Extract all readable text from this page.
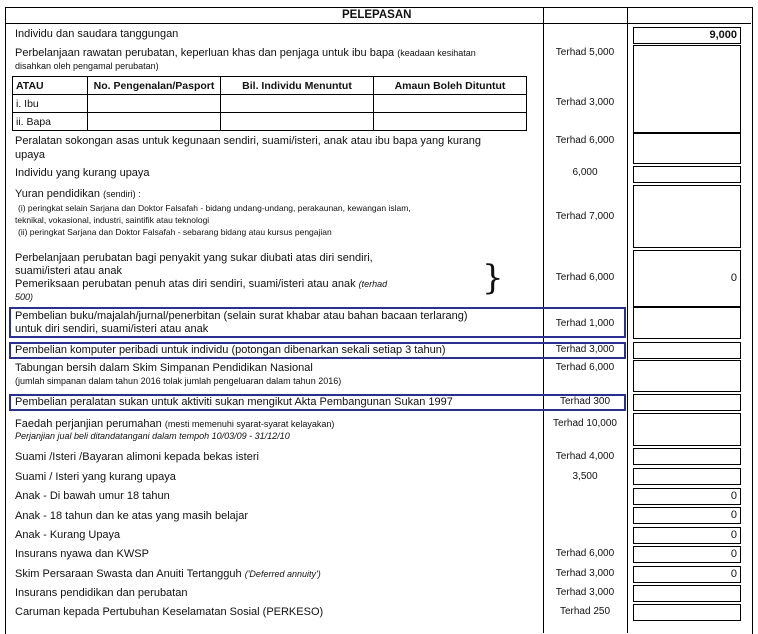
PELEPASAN
Individu dan saudara tanggungan	9,000
Perbelanjaan rawatan perubatan, keperluan khas dan penjaga untuk ibu bapa (keadaan kesihatan
disahkan oleh pengamal perubatan)
Terhad 5,000
ATAU	No. Pengenalan/Pasport	Bil. Individu Menuntut	Amaun Boleh Dituntut
i. Ibu			
ii. Bapa			
Terhad 3,000
Peralatan sokongan asas untuk kegunaan sendiri, suami/isteri, anak atau ibu bapa yang kurang
upaya
Terhad 6,000
Individu yang kurang upaya	6,000
Yuran pendidikan (sendiri) :
(i) peringkat selain Sarjana dan Doktor Falsafah - bidang undang-undang, perakaunan, kewangan islam,
teknikal, vokasional, industri, saintifik atau teknologi
(ii) peringkat Sarjana dan Doktor Falsafah - sebarang bidang atau kursus pengajian
Terhad 7,000
Perbelanjaan perubatan bagi penyakit yang sukar diubati atas diri sendiri,
suami/isteri atau anak
Pemeriksaan perubatan penuh atas diri sendiri, suami/isteri atau anak (terhad
500)	}	Terhad 6,000	0
Pembelian buku/majalah/jurnal/penerbitan (selain surat khabar atau bahan bacaan terlarang)
untuk diri sendiri, suami/isteri atau anak	Terhad 1,000
Pembelian komputer peribadi untuk individu (potongan dibenarkan sekali setiap 3 tahun)	Terhad 3,000
Tabungan bersih dalam Skim Simpanan Pendidikan Nasional
(jumlah simpanan dalam tahun 2016 tolak jumlah pengeluaran dalam tahun 2016)
Terhad 6,000
Pembelian peralatan sukan untuk aktiviti sukan mengikut Akta Pembangunan Sukan 1997	Terhad 300
Faedah perjanjian perumahan (mesti memenuhi syarat-syarat kelayakan)
Perjanjian jual beli ditandatangani dalam tempoh 10/03/09 - 31/12/10
Terhad 10,000
Suami /Isteri /Bayaran alimoni kepada bekas isteri	Terhad 4,000
Suami / Isteri yang kurang upaya	3,500
Anak - Di bawah umur 18 tahun	0
Anak - 18 tahun dan ke atas yang masih belajar	0
Anak - Kurang Upaya	0
Insurans nyawa dan KWSP	Terhad 6,000	0
Skim Persaraan Swasta dan Anuiti Tertangguh ('Deferred annuity')	Terhad 3,000	0
Insurans pendidikan dan perubatan	Terhad 3,000
Caruman kepada Pertubuhan Keselamatan Sosial (PERKESO)	Terhad 250
